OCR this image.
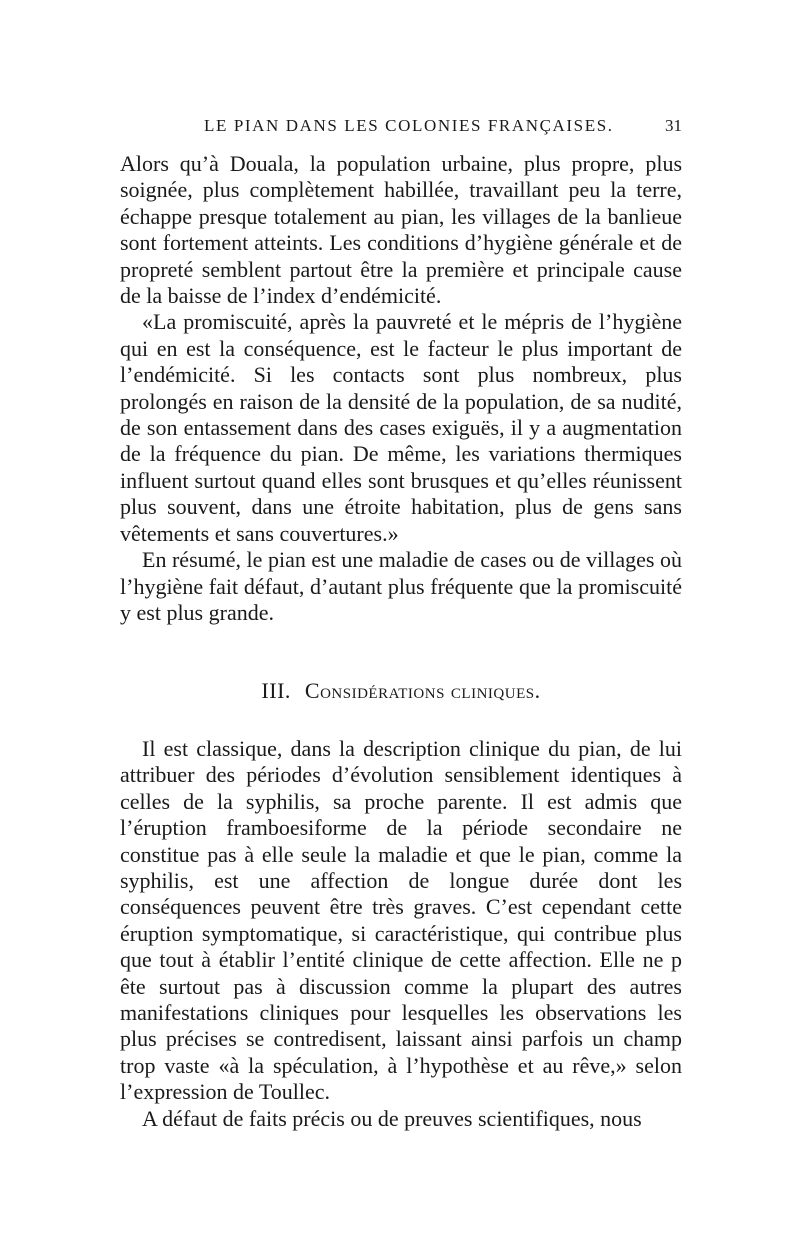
LE PIAN DANS LES COLONIES FRANÇAISES.	31

Alors qu’à Douala, la population urbaine, plus propre, plus soignée, plus complètement habillée, travaillant peu la terre, échappe presque totalement au pian, les villages de la banlieue sont fortement atteints. Les conditions d’hygiène générale et de propreté semblent partout être la première et principale cause de la baisse de l’index d’endémicité.

«La promiscuité, après la pauvreté et le mépris de l’hygiène qui en est la conséquence, est le facteur le plus important de l’endémicité. Si les contacts sont plus nombreux, plus prolongés en raison de la densité de la population, de sa nudité, de son entassement dans des cases exiguës, il y a augmentation de la fréquence du pian. De même, les variations thermiques influent surtout quand elles sont brusques et qu’elles réunissent plus souvent, dans une étroite habitation, plus de gens sans vêtements et sans couvertures.»

En résumé, le pian est une maladie de cases ou de villages où l’hygiène fait défaut, d’autant plus fréquente que la promiscuité y est plus grande.

III. Considérations cliniques.

Il est classique, dans la description clinique du pian, de lui attribuer des périodes d’évolution sensiblement identiques à celles de la syphilis, sa proche parente. Il est admis que l’éruption framboesiforme de la période secondaire ne constitue pas à elle seule la maladie et que le pian, comme la syphilis, est une affection de longue durée dont les conséquences peuvent être très graves. C’est cependant cette éruption symptomatique, si caractéristique, qui contribue plus que tout à établir l’entité clinique de cette affection. Elle ne p ête surtout pas à discussion comme la plupart des autres manifestations cliniques pour lesquelles les observations les plus précises se contredisent, laissant ainsi parfois un champ trop vaste «à la spéculation, à l’hypothèse et au rêve,» selon l’expression de Toullec.

A défaut de faits précis ou de preuves scientifiques, nous
